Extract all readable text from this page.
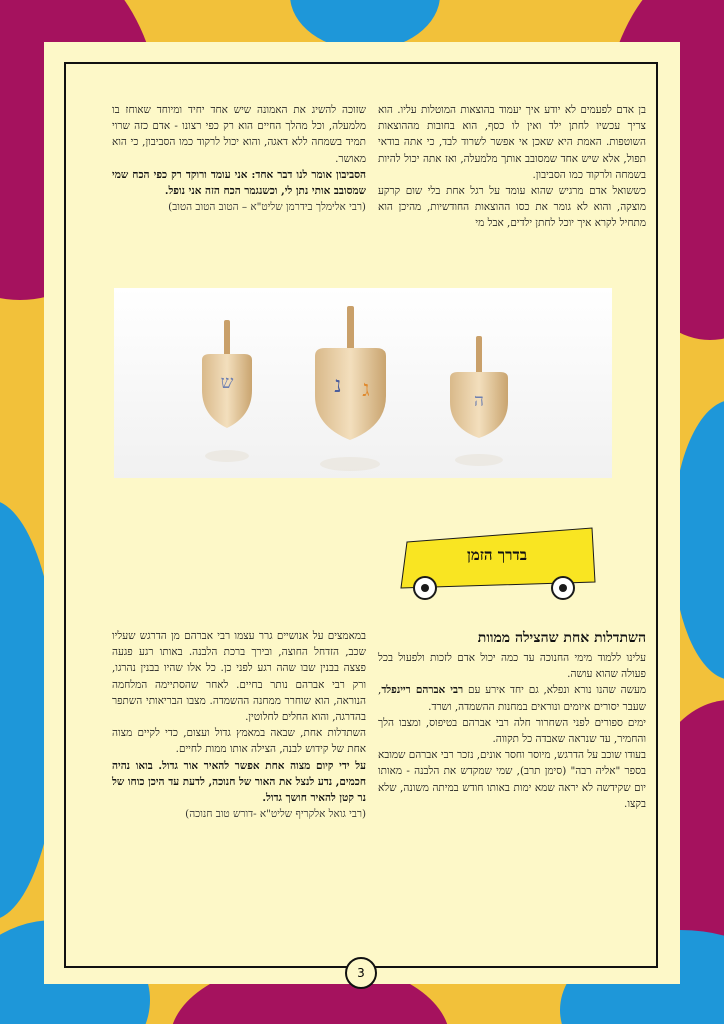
בן אדם לפעמים לא יודע איך יעמוד בהוצאות המוטלות עליו. הוא צריך עכשיו לחתן ילד ואין לו כסף, הוא בחובות מההוצאות השוטפות. האמת היא שאכן אי אפשר לשרוד לבד, כי אתה בודאי תפול, אלא שיש אחד שמסובב אותך מלמעלה, ואז אתה יכול להיות בשמחה ולרקוד כמו הסביבון.

כששואל אדם מרגיש שהוא עומד על רגל אחת בלי שום קרקע מוצקה, והוא לא גומר את כסו ההוצאות החודשיות, מהיכן הוא מתחיל לקרא איך יוכל לחתן ילדים, אבל מי

שזוכה להשיג את האמונה שיש אחד יחיד ומיוחד שאוחז בו מלמעלה, וכל מהלך החיים הוא רק כפי רצונו - אדם כזה שרוי תמיד בשמחה ללא דאגה, והוא יכול לרקוד כמו הסביבון, כי הוא מאושר.

הסביבון אומר לנו דבר אחד: אני עומד ורוקד רק כפי הכח שמי שמסובב אותי נתן לי, וכשנגמר הכח הזה אני נופל.

(רבי אלימלך בידרמן שליט"א – הטוב הטוב הטוב)

ש	נ ג	ה
בדרך הזמן
השתדלות אחת שהצילה ממוות

עלינו ללמוד מימי החנוכה עד כמה יכול אדם לזכות ולפעול בכל פעולה שהוא עושה.

מעשה שהנו נורא ונפלא, גם יחד אירע עם רבי אברהם ריינפלד, שעבר יסורים איומים ונוראים במחנות ההשמדה, ושרד.

ימים ספורים לפני השחרור חלה רבי אברהם בטיפוס, ומצבו הלך והחמיר, עד שנראה שאבדה כל תקווה.

בעודו שוכב על הדרגש, מיוסר וחסר אונים, נזכר רבי אברהם שמובא בספר "אליה רבה" (סימן תרב), שמי שמקדש את הלבנה - מאותו יום שקידשה לא יראה שמא ימות באותו חודש במיתה משונה, שלא בקצו.

במאמצים על אנושיים גרר עצמו רבי אברהם מן הדרגש שעליו שכב, הזדחל החוצה, ובירך ברכת הלבנה. באותו רגע פגעה פצצה בבנין שבו שהה רגע לפני כן. כל אלו שהיו בבנין נהרגו, ורק רבי אברהם נותר בחיים. לאחר שהסתיימה המלחמה הנוראה, הוא שוחרר ממחנה ההשמדה. מצבו הבריאותי השתפר בהדרגה, והוא החלים לחלוטין.

השתדלות אחת, שבאה במאמץ גדול ועצום, כדי לקיים מצוה אחת של קידוש לבנה, הצילה אותו ממות לחיים.

על ידי קיום מצוה אחת אפשר להאיר אור גדול. בואו נהיה חכמים, נדע לנצל את האור של חנוכה, לדעת עד היכן כוחו של נר קטן להאיר חושך גדול.

(רבי גואל אלקריף שליט"א -דורש טוב חנוכה)

3
